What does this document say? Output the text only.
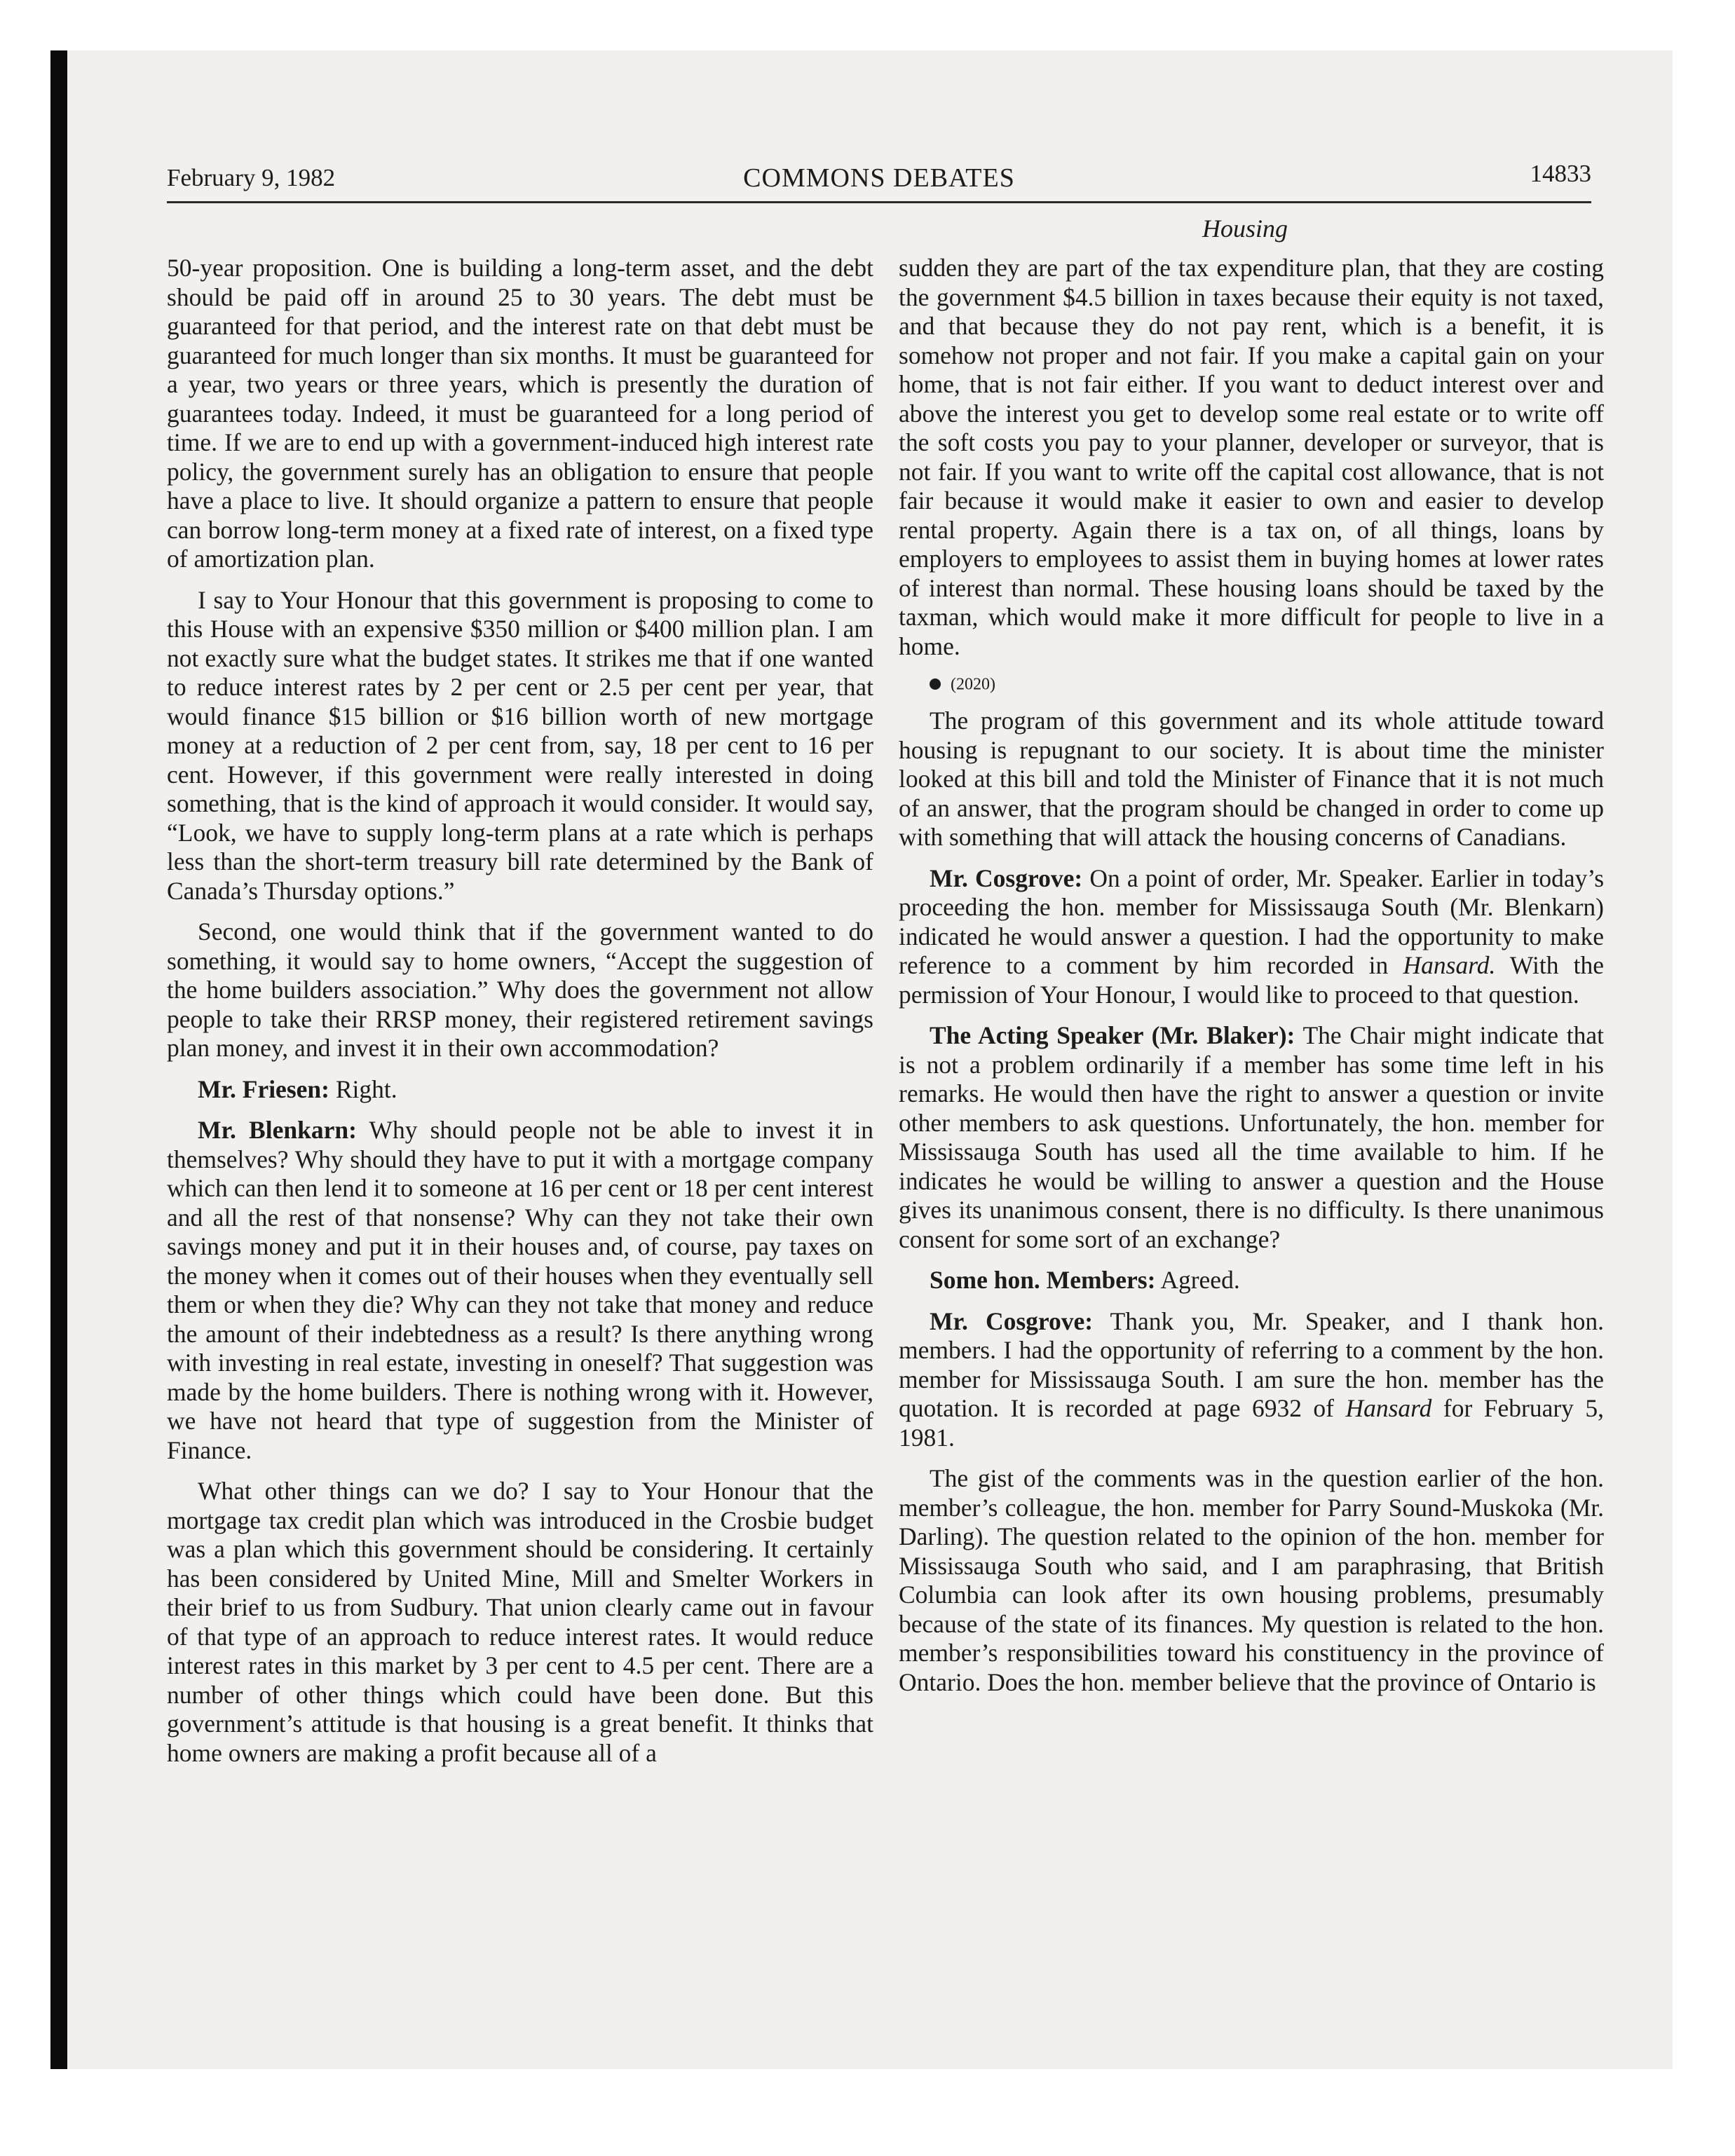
February 9, 1982	COMMONS DEBATES	14833
Housing

50-year proposition. One is building a long-term asset, and the debt should be paid off in around 25 to 30 years. The debt must be guaranteed for that period, and the interest rate on that debt must be guaranteed for much longer than six months. It must be guaranteed for a year, two years or three years, which is presently the duration of guarantees today. Indeed, it must be guaranteed for a long period of time. If we are to end up with a government-induced high interest rate policy, the government surely has an obligation to ensure that people have a place to live. It should organize a pattern to ensure that people can borrow long-term money at a fixed rate of interest, on a fixed type of amortization plan.

I say to Your Honour that this government is proposing to come to this House with an expensive $350 million or $400 million plan. I am not exactly sure what the budget states. It strikes me that if one wanted to reduce interest rates by 2 per cent or 2.5 per cent per year, that would finance $15 billion or $16 billion worth of new mortgage money at a reduction of 2 per cent from, say, 18 per cent to 16 per cent. However, if this government were really interested in doing something, that is the kind of approach it would consider. It would say, “Look, we have to supply long-term plans at a rate which is perhaps less than the short-term treasury bill rate determined by the Bank of Canada’s Thursday options.”

Second, one would think that if the government wanted to do something, it would say to home owners, “Accept the suggestion of the home builders association.” Why does the government not allow people to take their RRSP money, their registered retirement savings plan money, and invest it in their own accommodation?

Mr. Friesen: Right.

Mr. Blenkarn: Why should people not be able to invest it in themselves? Why should they have to put it with a mortgage company which can then lend it to someone at 16 per cent or 18 per cent interest and all the rest of that nonsense? Why can they not take their own savings money and put it in their houses and, of course, pay taxes on the money when it comes out of their houses when they eventually sell them or when they die? Why can they not take that money and reduce the amount of their indebtedness as a result? Is there anything wrong with investing in real estate, investing in oneself? That suggestion was made by the home builders. There is nothing wrong with it. However, we have not heard that type of suggestion from the Minister of Finance.

What other things can we do? I say to Your Honour that the mortgage tax credit plan which was introduced in the Crosbie budget was a plan which this government should be considering. It certainly has been considered by United Mine, Mill and Smelter Workers in their brief to us from Sudbury. That union clearly came out in favour of that type of an approach to reduce interest rates. It would reduce interest rates in this market by 3 per cent to 4.5 per cent. There are a number of other things which could have been done. But this government’s attitude is that housing is a great benefit. It thinks that home owners are making a profit because all of a

sudden they are part of the tax expenditure plan, that they are costing the government $4.5 billion in taxes because their equity is not taxed, and that because they do not pay rent, which is a benefit, it is somehow not proper and not fair. If you make a capital gain on your home, that is not fair either. If you want to deduct interest over and above the interest you get to develop some real estate or to write off the soft costs you pay to your planner, developer or surveyor, that is not fair. If you want to write off the capital cost allowance, that is not fair because it would make it easier to own and easier to develop rental property. Again there is a tax on, of all things, loans by employers to employees to assist them in buying homes at lower rates of interest than normal. These housing loans should be taxed by the taxman, which would make it more difficult for people to live in a home.

(2020)

The program of this government and its whole attitude toward housing is repugnant to our society. It is about time the minister looked at this bill and told the Minister of Finance that it is not much of an answer, that the program should be changed in order to come up with something that will attack the housing concerns of Canadians.

Mr. Cosgrove: On a point of order, Mr. Speaker. Earlier in today’s proceeding the hon. member for Mississauga South (Mr. Blenkarn) indicated he would answer a question. I had the opportunity to make reference to a comment by him recorded in Hansard. With the permission of Your Honour, I would like to proceed to that question.

The Acting Speaker (Mr. Blaker): The Chair might indicate that is not a problem ordinarily if a member has some time left in his remarks. He would then have the right to answer a question or invite other members to ask questions. Unfortunately, the hon. member for Mississauga South has used all the time available to him. If he indicates he would be willing to answer a question and the House gives its unanimous consent, there is no difficulty. Is there unanimous consent for some sort of an exchange?

Some hon. Members: Agreed.

Mr. Cosgrove: Thank you, Mr. Speaker, and I thank hon. members. I had the opportunity of referring to a comment by the hon. member for Mississauga South. I am sure the hon. member has the quotation. It is recorded at page 6932 of Hansard for February 5, 1981.

The gist of the comments was in the question earlier of the hon. member’s colleague, the hon. member for Parry Sound-Muskoka (Mr. Darling). The question related to the opinion of the hon. member for Mississauga South who said, and I am paraphrasing, that British Columbia can look after its own housing problems, presumably because of the state of its finances. My question is related to the hon. member’s responsibilities toward his constituency in the province of Ontario. Does the hon. member believe that the province of Ontario is
